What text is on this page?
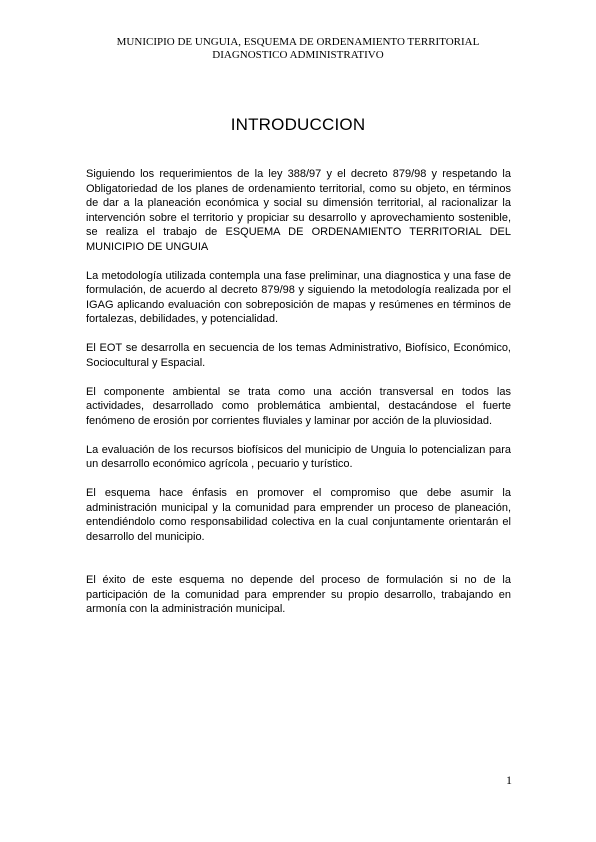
MUNICIPIO DE UNGUIA, ESQUEMA DE ORDENAMIENTO TERRITORIAL
DIAGNOSTICO ADMINISTRATIVO
INTRODUCCION

Siguiendo los requerimientos de la ley 388/97 y el decreto 879/98 y respetando la Obligatoriedad de los planes de ordenamiento territorial, como su objeto, en términos de dar a la planeación económica y social su dimensión territorial, al racionalizar la intervención sobre el territorio y propiciar su desarrollo y aprovechamiento sostenible, se realiza el trabajo de ESQUEMA DE ORDENAMIENTO TERRITORIAL DEL MUNICIPIO DE UNGUIA

La metodología utilizada contempla una fase preliminar, una diagnostica y una fase de formulación, de acuerdo al decreto 879/98 y siguiendo la metodología realizada por el IGAG aplicando evaluación con sobreposición de mapas y resúmenes en términos de fortalezas, debilidades, y potencialidad.

El EOT se desarrolla en secuencia de los temas Administrativo, Biofísico, Económico, Sociocultural y Espacial.

El componente ambiental se trata como una acción transversal en todos las actividades, desarrollado como problemática ambiental, destacándose el fuerte fenómeno de erosión por corrientes fluviales y laminar por acción de la pluviosidad.

La evaluación de los recursos biofísicos del municipio de Unguia lo potencializan para un desarrollo económico agrícola , pecuario y turístico.

El esquema hace énfasis en promover el compromiso que debe asumir la administración municipal y la comunidad para emprender un proceso de planeación, entendiéndolo como responsabilidad colectiva en la cual conjuntamente orientarán el desarrollo del municipio.

El éxito de este esquema no depende del proceso de formulación si no de la participación de la comunidad para emprender su propio desarrollo, trabajando en armonía con la administración municipal.

1
